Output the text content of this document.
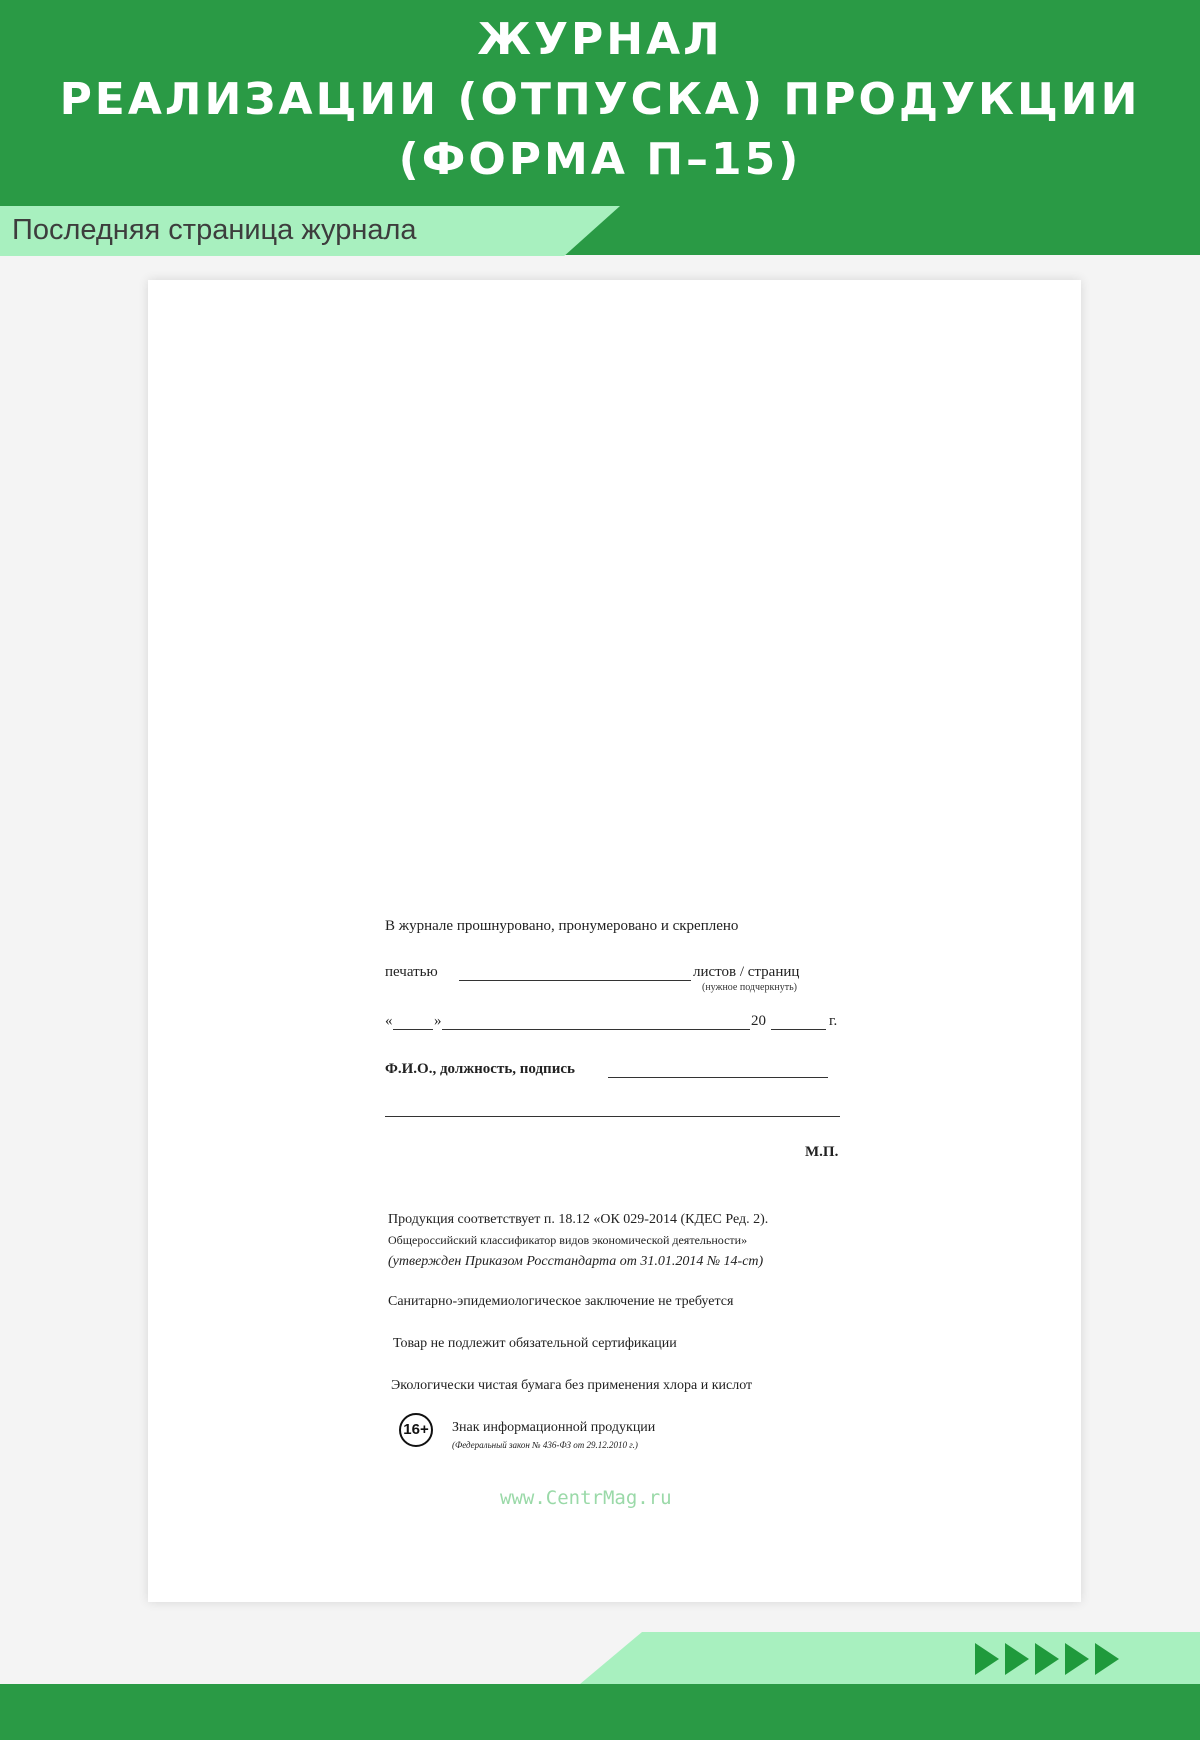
ЖУРНАЛ
РЕАЛИЗАЦИИ (ОТПУСКА) ПРОДУКЦИИ
(ФОРМА П–15)
Последняя страница журнала
В журнале прошнуровано, пронумеровано и скреплено
печатью	листов / страниц
(нужное подчеркнуть)
«	»	20	г.
Ф.И.О., должность, подпись
М.П.
Продукция соответствует п. 18.12 «ОК 029-2014 (КДЕС Ред. 2).
Общероссийский классификатор видов экономической деятельности»
(утвержден Приказом Росстандарта от 31.01.2014 № 14-ст)
Санитарно-эпидемиологическое заключение не требуется
Товар не подлежит обязательной сертификации
Экологически чистая бумага без применения хлора и кислот
16+	Знак информационной продукции
(Федеральный закон № 436-ФЗ от 29.12.2010 г.)
www.CentrMag.ru
